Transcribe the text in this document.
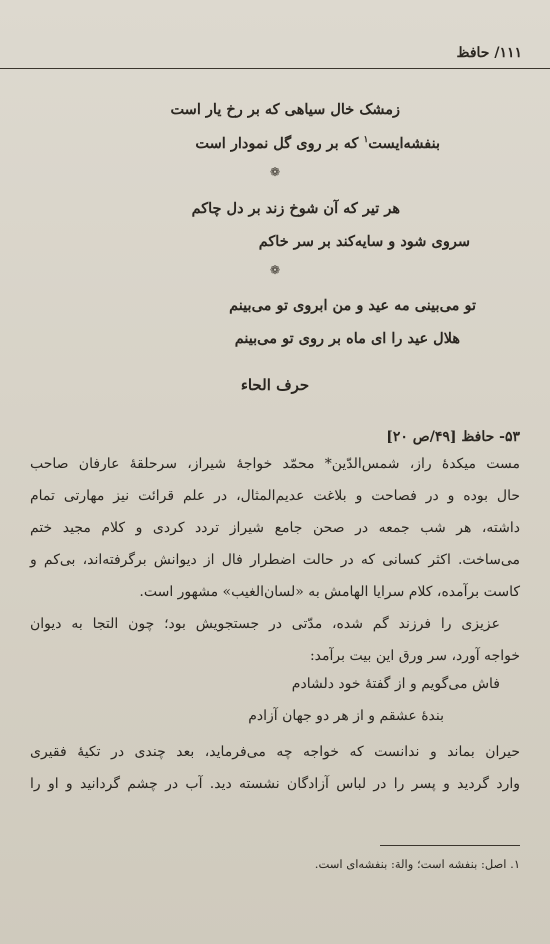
۱۱۱/ حافظ
زمشک خال سیاهی که بر رخ یار است
بنفشه‌ایست$^۱$ که بر روی گل نمودار است
❁
هر تیر که آن شوخ زند بر دل چاکم
سروی شود و سایه‌کند بر سر خاکم
❁
تو می‌بینی مه عید و من ابروی تو می‌بینم
هلال عید را ای ماه بر روی تو می‌بینم
حرف الحاء
۵۳- حافظ [۴۹/ص ۲۰]
مست میکدهٔ راز، شمس‌الدّین* محمّد خواجهٔ شیراز، سرحلقهٔ عارفان صاحب
حال بوده و در فصاحت و بلاغت عدیم‌المثال، در علم قرائت نیز مهارتی تمام
داشته، هر شب جمعه در صحن جامع شیراز تردد کردی و کلام مجید ختم
می‌ساخت. اکثر کسانی که در حالت اضطرار فال از دیوانش برگرفته‌اند، بی‌کم و
کاست برآمده، کلام سرایا الهامش به «لسان‌الغیب» مشهور است.
عزیزی را فرزند گم شده، مدّتی در جستجویش بود؛ چون التجا به دیوان
خواجه آورد، سر ورق این بیت برآمد:
فاش می‌گویم و از گفتهٔ خود دلشادم
بندهٔ عشقم و از هر دو جهان آزادم
حیران بماند و ندانست که خواجه چه می‌فرماید، بعد چندی در تکیهٔ فقیری
وارد گردید و پسر را در لباس آزادگان نشسته دید. آب در چشم گردانید و او را
۱. اصل: بنفشه است؛ والة: بنفشه‌ای است.
